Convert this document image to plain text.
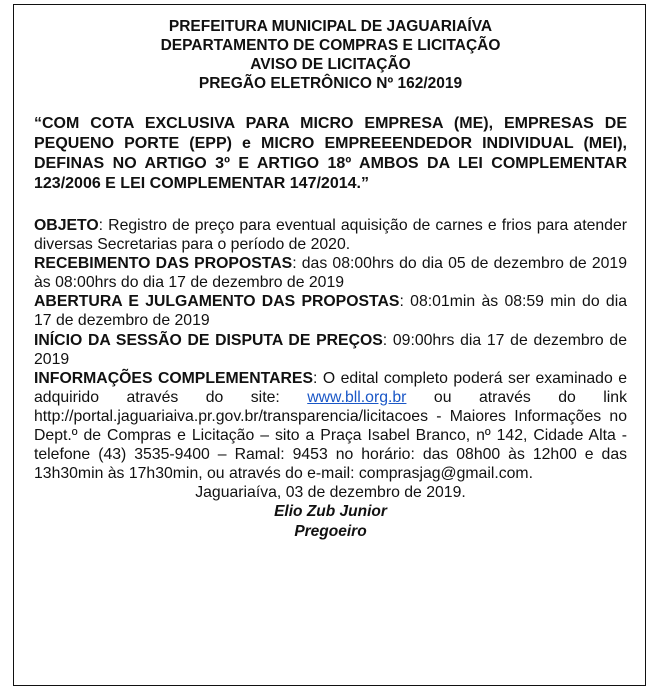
PREFEITURA MUNICIPAL DE JAGUARIAÍVA
DEPARTAMENTO DE COMPRAS E LICITAÇÃO
AVISO DE LICITAÇÃO
PREGÃO ELETRÔNICO Nº 162/2019
“COM COTA EXCLUSIVA PARA MICRO EMPRESA (ME), EMPRESAS DE PEQUENO PORTE (EPP) e MICRO EMPREEENDEDOR INDIVIDUAL (MEI), DEFINAS NO ARTIGO 3º E ARTIGO 18º AMBOS DA LEI COMPLEMENTAR 123/2006 E LEI COMPLEMENTAR 147/2014.”

OBJETO: Registro de preço para eventual aquisição de carnes e frios para atender diversas Secretarias para o período de 2020.

RECEBIMENTO DAS PROPOSTAS: das 08:00hrs do dia 05 de dezembro de 2019 às 08:00hrs do dia 17 de dezembro de 2019

ABERTURA E JULGAMENTO DAS PROPOSTAS: 08:01min às 08:59 min do dia 17 de dezembro de 2019

INÍCIO DA SESSÃO DE DISPUTA DE PREÇOS: 09:00hrs dia 17 de dezembro de 2019

INFORMAÇÕES COMPLEMENTARES: O edital completo poderá ser examinado e adquirido através do site: www.bll.org.br ou através do link http://portal.jaguariaiva.pr.gov.br/transparencia/licitacoes - Maiores Informações no Dept.º de Compras e Licitação – sito a Praça Isabel Branco, nº 142, Cidade Alta - telefone (43) 3535-9400 – Ramal: 9453 no horário: das 08h00 às 12h00 e das 13h30min às 17h30min, ou através do e-mail: comprasjag@gmail.com.

Jaguariaíva, 03 de dezembro de 2019.

Elio Zub Junior
Pregoeiro
